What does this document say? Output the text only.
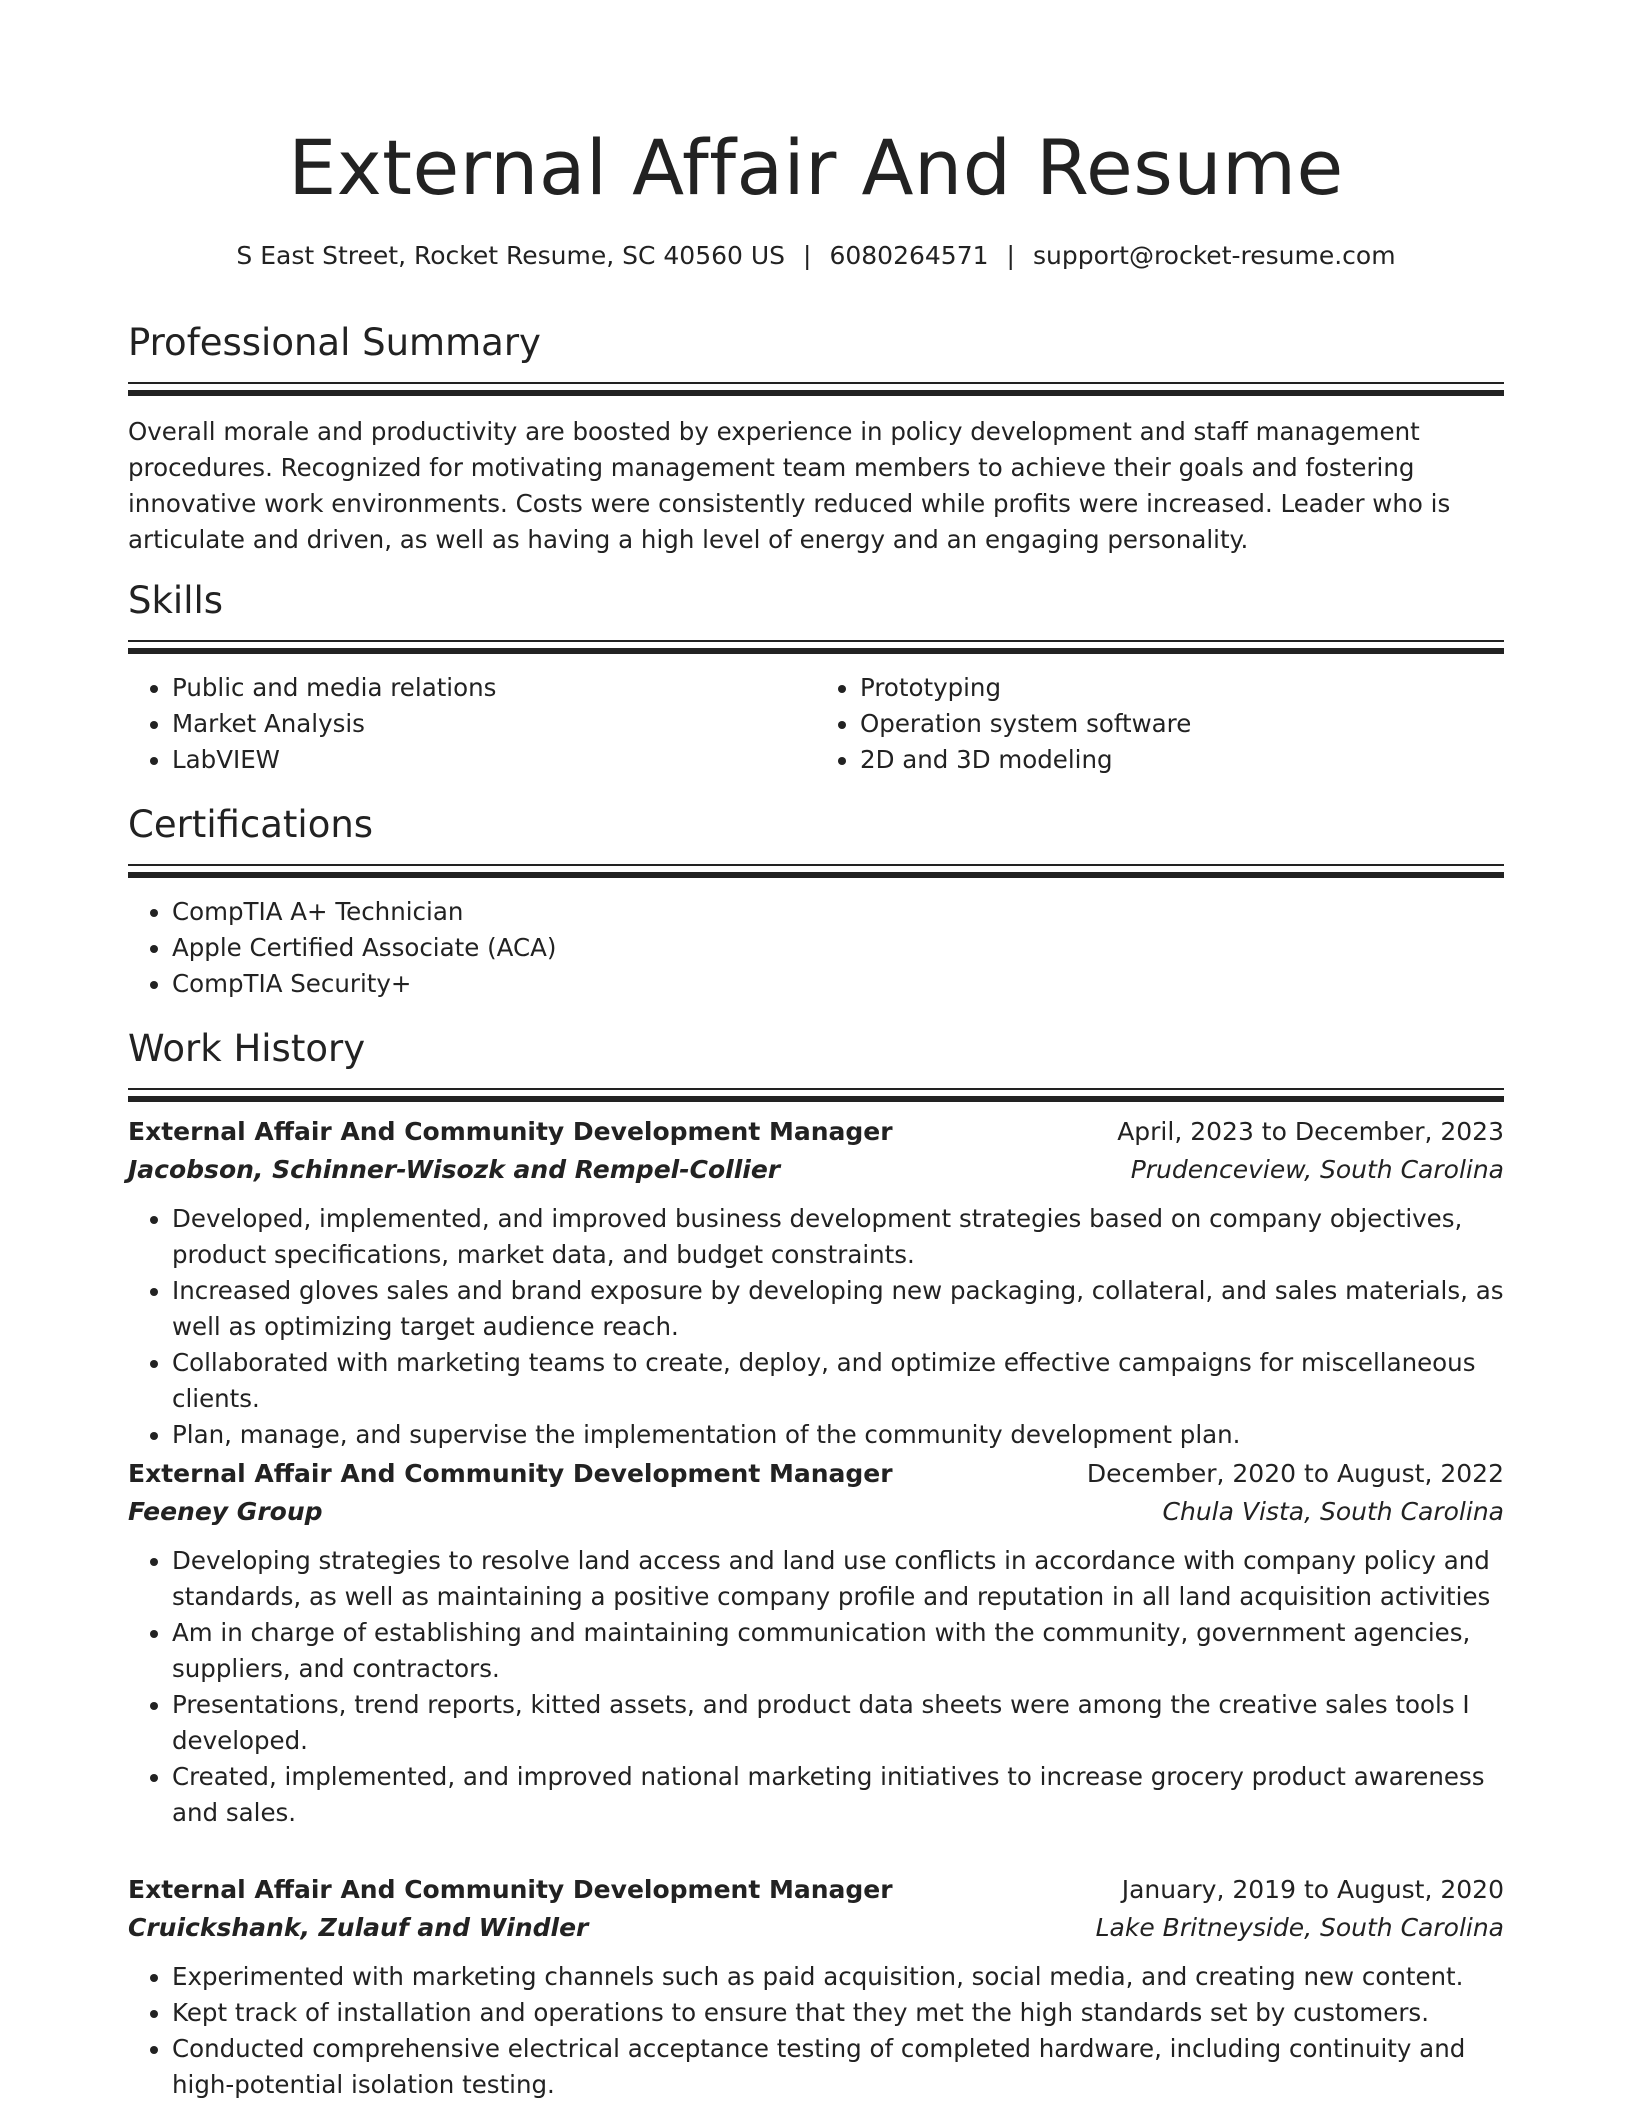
External Affair And Resume
S East Street, Rocket Resume, SC 40560 US | 6080264571 | support@rocket-resume.com
Professional Summary

Overall morale and productivity are boosted by experience in policy development and staff management procedures. Recognized for motivating management team members to achieve their goals and fostering innovative work environments. Costs were consistently reduced while profits were increased. Leader who is articulate and driven, as well as having a high level of energy and an engaging personality.

Skills
• Public and media relations
• Market Analysis
• LabVIEW
• Prototyping
• Operation system software
• 2D and 3D modeling
Certifications
• CompTIA A+ Technician
• Apple Certified Associate (ACA)
• CompTIA Security+
Work History
External Affair And Community Development Manager	April, 2023 to December, 2023
Jacobson, Schinner-Wisozk and Rempel-Collier	Prudenceview, South Carolina
• Developed, implemented, and improved business development strategies based on company objectives, product specifications, market data, and budget constraints.
• Increased gloves sales and brand exposure by developing new packaging, collateral, and sales materials, as well as optimizing target audience reach.
• Collaborated with marketing teams to create, deploy, and optimize effective campaigns for miscellaneous clients.
• Plan, manage, and supervise the implementation of the community development plan.
External Affair And Community Development Manager	December, 2020 to August, 2022
Feeney Group	Chula Vista, South Carolina
• Developing strategies to resolve land access and land use conflicts in accordance with company policy and standards, as well as maintaining a positive company profile and reputation in all land acquisition activities
• Am in charge of establishing and maintaining communication with the community, government agencies, suppliers, and contractors.
• Presentations, trend reports, kitted assets, and product data sheets were among the creative sales tools I developed.
• Created, implemented, and improved national marketing initiatives to increase grocery product awareness and sales.
External Affair And Community Development Manager	January, 2019 to August, 2020
Cruickshank, Zulauf and Windler	Lake Britneyside, South Carolina
• Experimented with marketing channels such as paid acquisition, social media, and creating new content.
• Kept track of installation and operations to ensure that they met the high standards set by customers.
• Conducted comprehensive electrical acceptance testing of completed hardware, including continuity and high-potential isolation testing.
